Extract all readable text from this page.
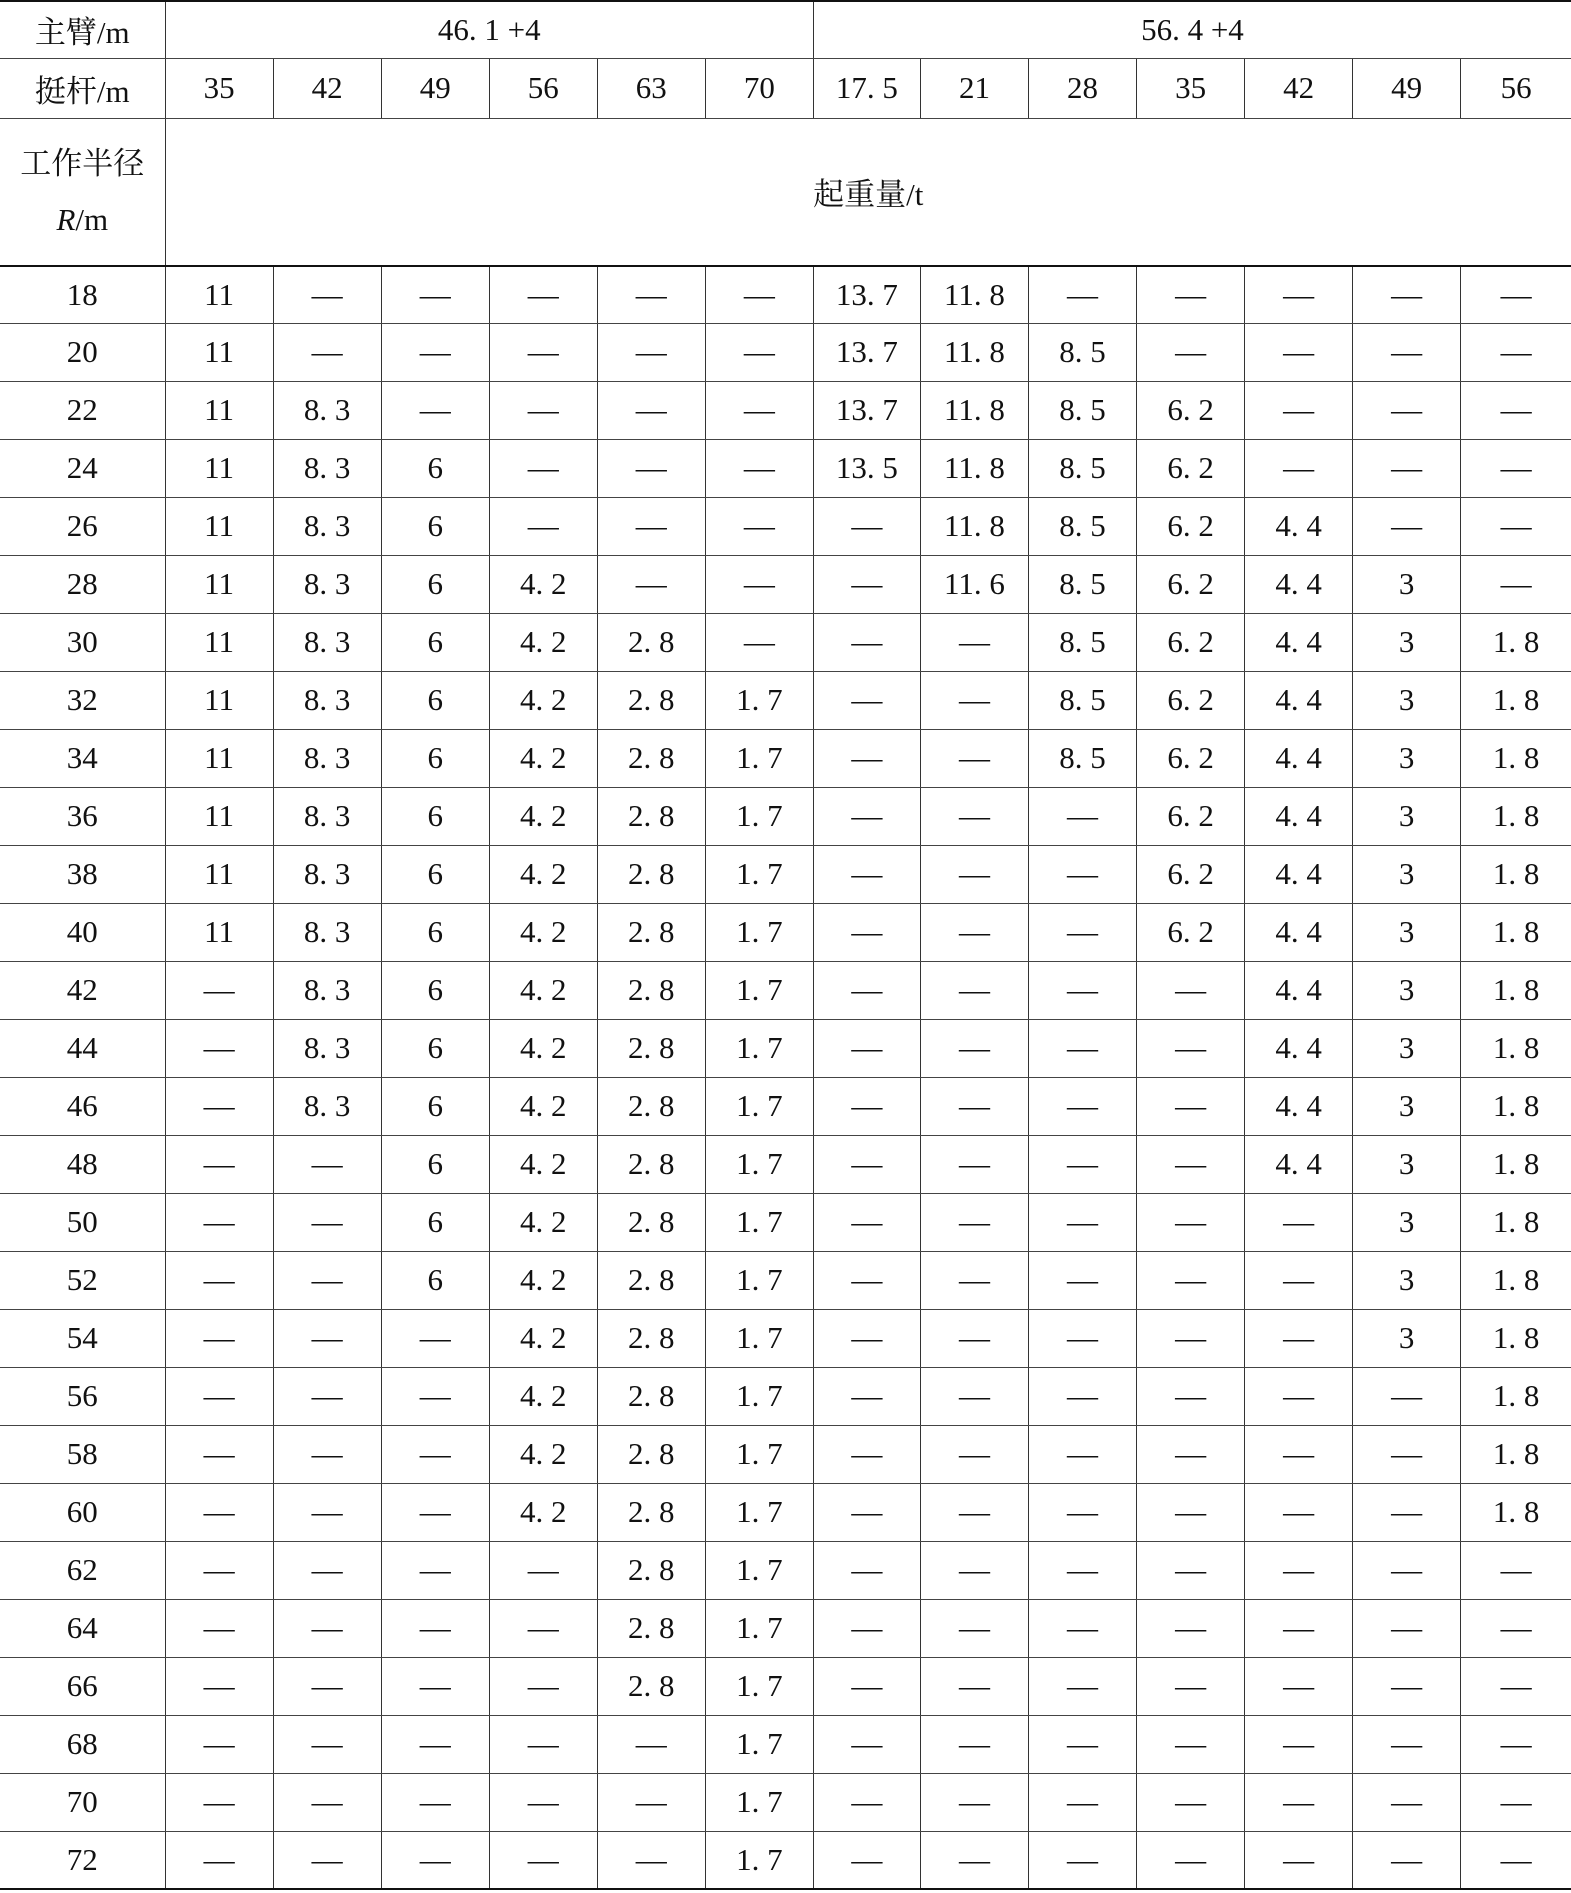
主臂/m	46. 1 +4						56. 4 +4						
挺杆/m	35	42	49	56	63	70	17. 5	21	28	35	42	49	56

工作半径
R/m	起重量/t												
18	11	—	—	—	—	—	13. 7	11. 8	—	—	—	—	—
20	11	—	—	—	—	—	13. 7	11. 8	8. 5	—	—	—	—
22	11	8. 3	—	—	—	—	13. 7	11. 8	8. 5	6. 2	—	—	—
24	11	8. 3	6	—	—	—	13. 5	11. 8	8. 5	6. 2	—	—	—
26	11	8. 3	6	—	—	—	—	11. 8	8. 5	6. 2	4. 4	—	—
28	11	8. 3	6	4. 2	—	—	—	11. 6	8. 5	6. 2	4. 4	3	—
30	11	8. 3	6	4. 2	2. 8	—	—	—	8. 5	6. 2	4. 4	3	1. 8
32	11	8. 3	6	4. 2	2. 8	1. 7	—	—	8. 5	6. 2	4. 4	3	1. 8
34	11	8. 3	6	4. 2	2. 8	1. 7	—	—	8. 5	6. 2	4. 4	3	1. 8
36	11	8. 3	6	4. 2	2. 8	1. 7	—	—	—	6. 2	4. 4	3	1. 8
38	11	8. 3	6	4. 2	2. 8	1. 7	—	—	—	6. 2	4. 4	3	1. 8
40	11	8. 3	6	4. 2	2. 8	1. 7	—	—	—	6. 2	4. 4	3	1. 8
42	—	8. 3	6	4. 2	2. 8	1. 7	—	—	—	—	4. 4	3	1. 8
44	—	8. 3	6	4. 2	2. 8	1. 7	—	—	—	—	4. 4	3	1. 8
46	—	8. 3	6	4. 2	2. 8	1. 7	—	—	—	—	4. 4	3	1. 8
48	—	—	6	4. 2	2. 8	1. 7	—	—	—	—	4. 4	3	1. 8
50	—	—	6	4. 2	2. 8	1. 7	—	—	—	—	—	3	1. 8
52	—	—	6	4. 2	2. 8	1. 7	—	—	—	—	—	3	1. 8
54	—	—	—	4. 2	2. 8	1. 7	—	—	—	—	—	3	1. 8
56	—	—	—	4. 2	2. 8	1. 7	—	—	—	—	—	—	1. 8
58	—	—	—	4. 2	2. 8	1. 7	—	—	—	—	—	—	1. 8
60	—	—	—	4. 2	2. 8	1. 7	—	—	—	—	—	—	1. 8
62	—	—	—	—	2. 8	1. 7	—	—	—	—	—	—	—
64	—	—	—	—	2. 8	1. 7	—	—	—	—	—	—	—
66	—	—	—	—	2. 8	1. 7	—	—	—	—	—	—	—
68	—	—	—	—	—	1. 7	—	—	—	—	—	—	—
70	—	—	—	—	—	1. 7	—	—	—	—	—	—	—
72	—	—	—	—	—	1. 7	—	—	—	—	—	—	—
